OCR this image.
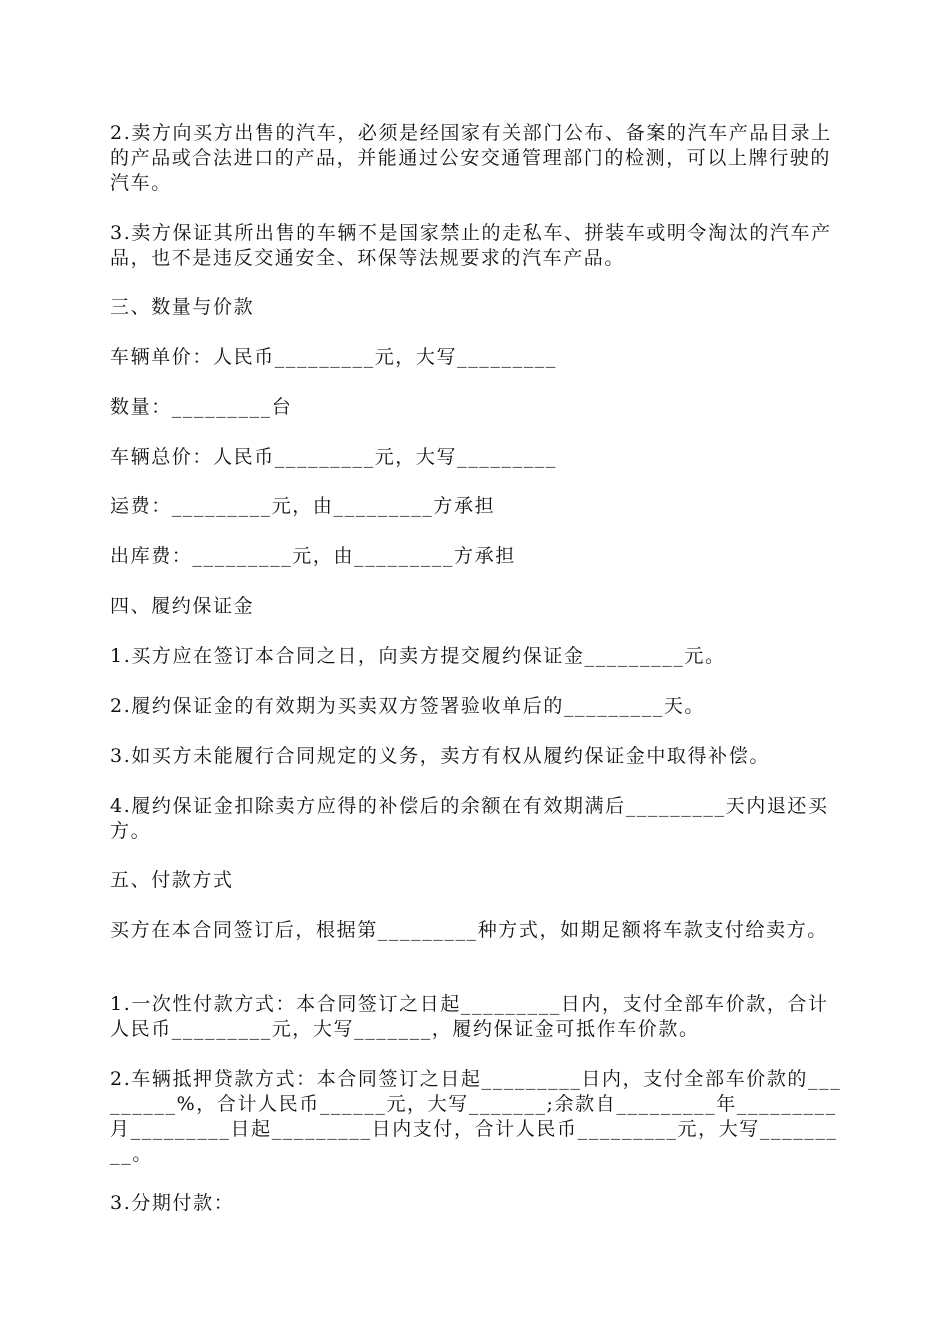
2.卖方向买方出售的汽车，必须是经国家有关部门公布、备案的汽车产品目录上的产品或合法进口的产品，并能通过公安交通管理部门的检测，可以上牌行驶的汽车。

3.卖方保证其所出售的车辆不是国家禁止的走私车、拼装车或明令淘汰的汽车产品，也不是违反交通安全、环保等法规要求的汽车产品。

三、数量与价款

车辆单价：人民币_________元，大写_________

数量：_________台

车辆总价：人民币_________元，大写_________

运费：_________元，由_________方承担

出库费：_________元，由_________方承担

四、履约保证金

1.买方应在签订本合同之日，向卖方提交履约保证金_________元。

2.履约保证金的有效期为买卖双方签署验收单后的_________天。

3.如买方未能履行合同规定的义务，卖方有权从履约保证金中取得补偿。

4.履约保证金扣除卖方应得的补偿后的余额在有效期满后_________天内退还买方。

五、付款方式

买方在本合同签订后，根据第_________种方式，如期足额将车款支付给卖方。

1.一次性付款方式：本合同签订之日起_________日内，支付全部车价款，合计人民币_________元，大写_______，履约保证金可抵作车价款。

2.车辆抵押贷款方式：本合同签订之日起_________日内，支付全部车价款的_________%，合计人民币______元，大写_______;余款自_________年_________月_________日起_________日内支付，合计人民币_________元，大写_________。

3.分期付款：
